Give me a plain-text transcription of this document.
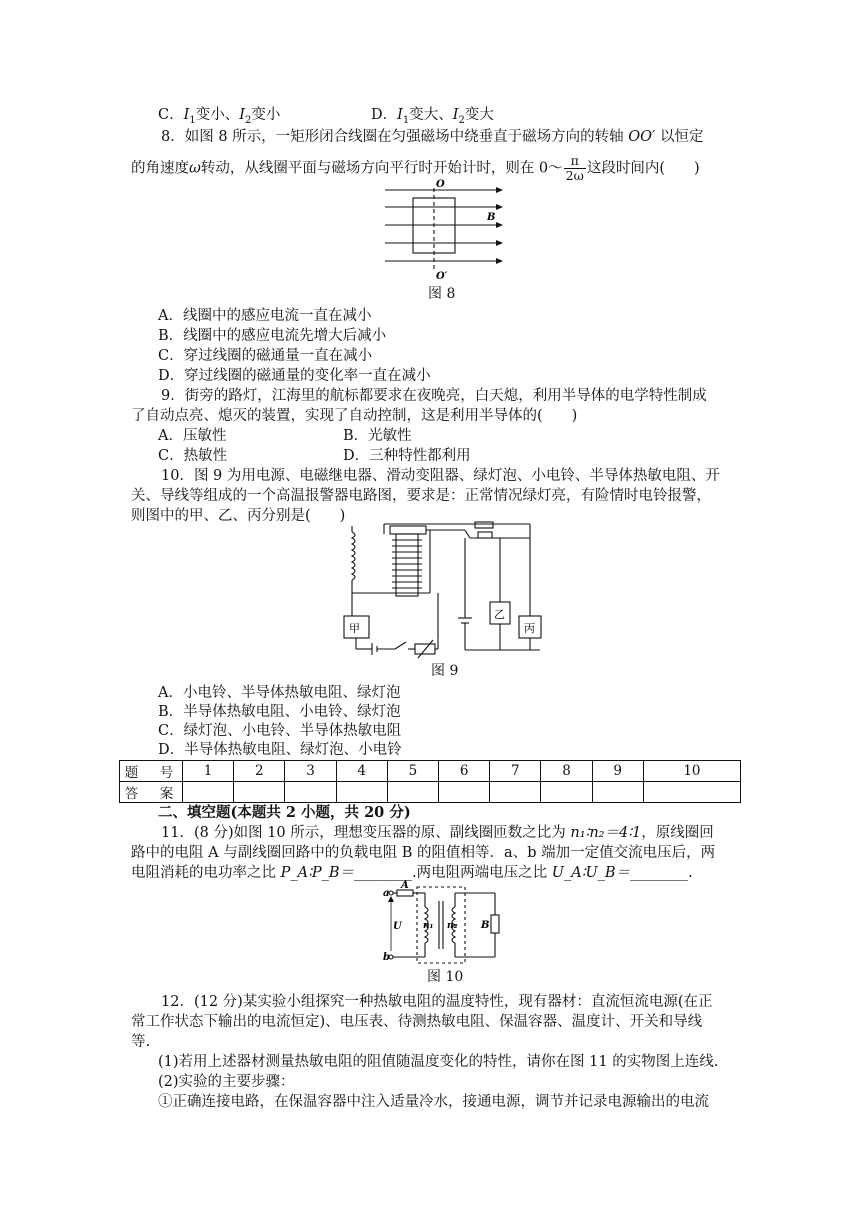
C．$I_1$变小、$I_2$变小	D．$I_1$变大、$I_2$变大
8．如图 8 所示，一矩形闭合线圈在匀强磁场中绕垂直于磁场方向的转轴 OO′ 以恒定
的角速度ω转动，从线圈平面与磁场方向平行时开始计时，则在 0～ $\frac{\pi}{2\omega}$ 这段时间内(　　)
O
B
O′
图 8
A．线圈中的感应电流一直在减小
B．线圈中的感应电流先增大后减小
C．穿过线圈的磁通量一直在减小
D．穿过线圈的磁通量的变化率一直在减小
9．街旁的路灯，江海里的航标都要求在夜晚亮，白天熄，利用半导体的电学特性制成
了自动点亮、熄灭的装置，实现了自动控制，这是利用半导体的(　　)
A．压敏性	B．光敏性
C．热敏性	D．三种特性都利用
10．图 9 为用电源、电磁继电器、滑动变阻器、绿灯泡、小电铃、半导体热敏电阻、开
关、导线等组成的一个高温报警器电路图，要求是：正常情况绿灯亮，有险情时电铃报警，
则图中的甲、乙、丙分别是(　　)
甲
乙
丙
图 9
A．小电铃、半导体热敏电阻、绿灯泡
B．半导体热敏电阻、小电铃、绿灯泡
C．绿灯泡、小电铃、半导体热敏电阻
D．半导体热敏电阻、绿灯泡、小电铃
题　号	1	2	3	4	5	6	7	8	9	10
答　案										
二、填空题(本题共 2 小题，共 20 分)
11．(8 分)如图 10 所示，理想变压器的原、副线圈匝数之比为 n₁∶n₂＝4∶1，原线圈回
路中的电阻 A 与副线圈回路中的负载电阻 B 的阻值相等．a、b 端加一定值交流电压后，两
电阻消耗的电功率之比 P_A∶P_B＝________.两电阻两端电压之比 U_A∶U_B＝________.
a
b
A
U n₁ n₂ B
图 10
12．(12 分)某实验小组探究一种热敏电阻的温度特性，现有器材：直流恒流电源(在正
常工作状态下输出的电流恒定)、电压表、待测热敏电阻、保温容器、温度计、开关和导线
等.
(1)若用上述器材测量热敏电阻的阻值随温度变化的特性，请你在图 11 的实物图上连线.
(2)实验的主要步骤：
①正确连接电路，在保温容器中注入适量冷水，接通电源，调节并记录电源输出的电流
